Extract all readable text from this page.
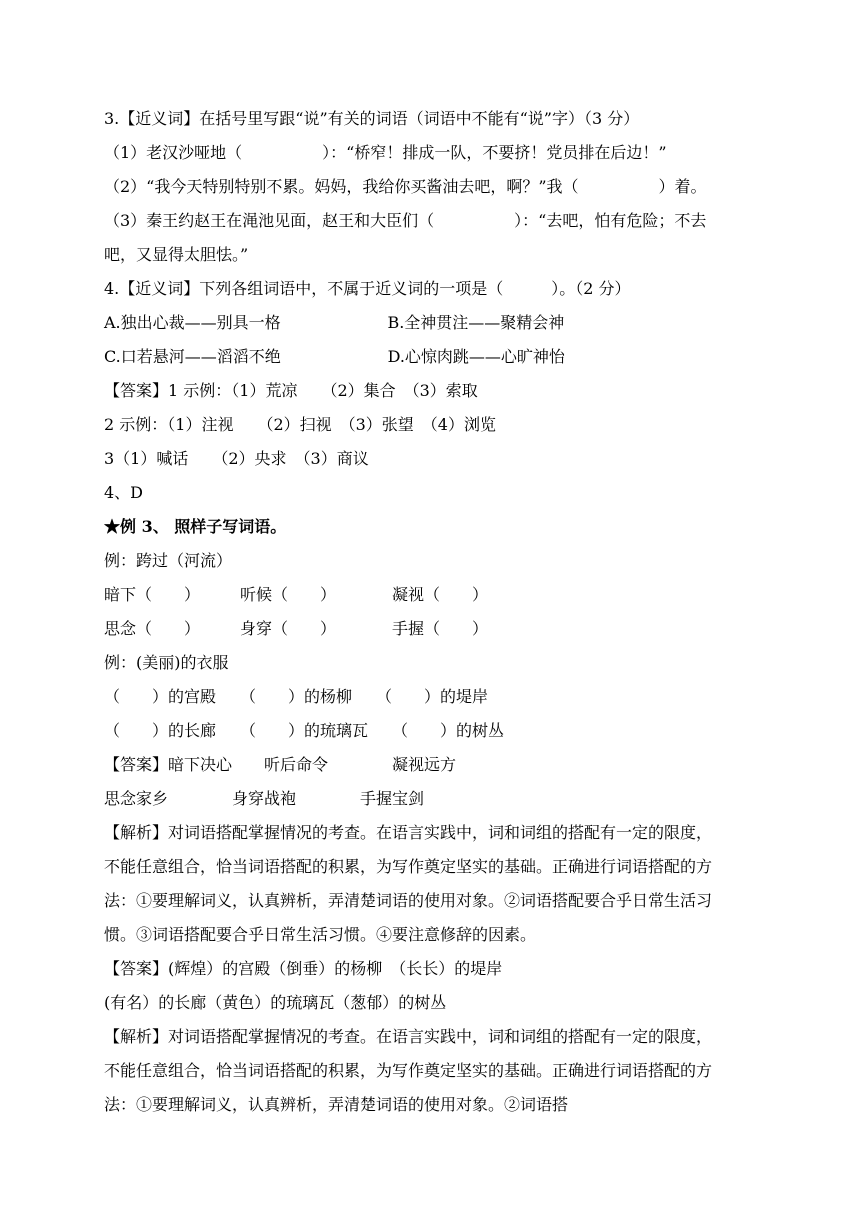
3.【近义词】在括号里写跟“说”有关的词语（词语中不能有“说”字）（3 分）
（1）老汉沙哑地（　　　　　）：“桥窄！排成一队，不要挤！党员排在后边！”
（2）“我今天特别特别不累。妈妈，我给你买酱油去吧，啊？”我（　　　　　）着。
（3）秦王约赵王在渑池见面，赵王和大臣们（　　　　　）：“去吧，怕有危险；不去
吧，又显得太胆怯。”
4.【近义词】下列各组词语中，不属于近义词的一项是（　　　）。（2 分）
A.独出心裁——别具一格                     B.全神贯注——聚精会神
C.口若悬河——滔滔不绝                     D.心惊肉跳——心旷神怡
【答案】1 示例：（1）荒凉　　（2）集合　（3）索取
2 示例：（1）注视　　（2）扫视　（3）张望　（4）浏览
3（1）喊话　　（2）央求　（3）商议
4、D
★例 3、 照样子写词语。
例：跨过（河流）
暗下（　　）　　　听候（　　）　　　　凝视（　　）
思念（　　）　　　身穿（　　）　　　　手握（　　）
例：(美丽)的衣服
（　　）的宫殿　　（　　）的杨柳　　（　　）的堤岸
（　　）的长廊　　（　　）的琉璃瓦　　（　　）的树丛
【答案】暗下决心　　听后命令　　　　凝视远方
思念家乡　　　　身穿战袍　　　　手握宝剑
【解析】对词语搭配掌握情况的考查。在语言实践中，词和词组的搭配有一定的限度，
不能任意组合，恰当词语搭配的积累，为写作奠定坚实的基础。正确进行词语搭配的方
法：①要理解词义，认真辨析，弄清楚词语的使用对象。②词语搭配要合乎日常生活习
惯。③词语搭配要合乎日常生活习惯。④要注意修辞的因素。
【答案】(辉煌）的宫殿（倒垂）的杨柳　（长长）的堤岸
(有名）的长廊（黄色）的琉璃瓦（葱郁）的树丛
【解析】对词语搭配掌握情况的考查。在语言实践中，词和词组的搭配有一定的限度，
不能任意组合，恰当词语搭配的积累，为写作奠定坚实的基础。正确进行词语搭配的方
法：①要理解词义，认真辨析，弄清楚词语的使用对象。②词语搭
